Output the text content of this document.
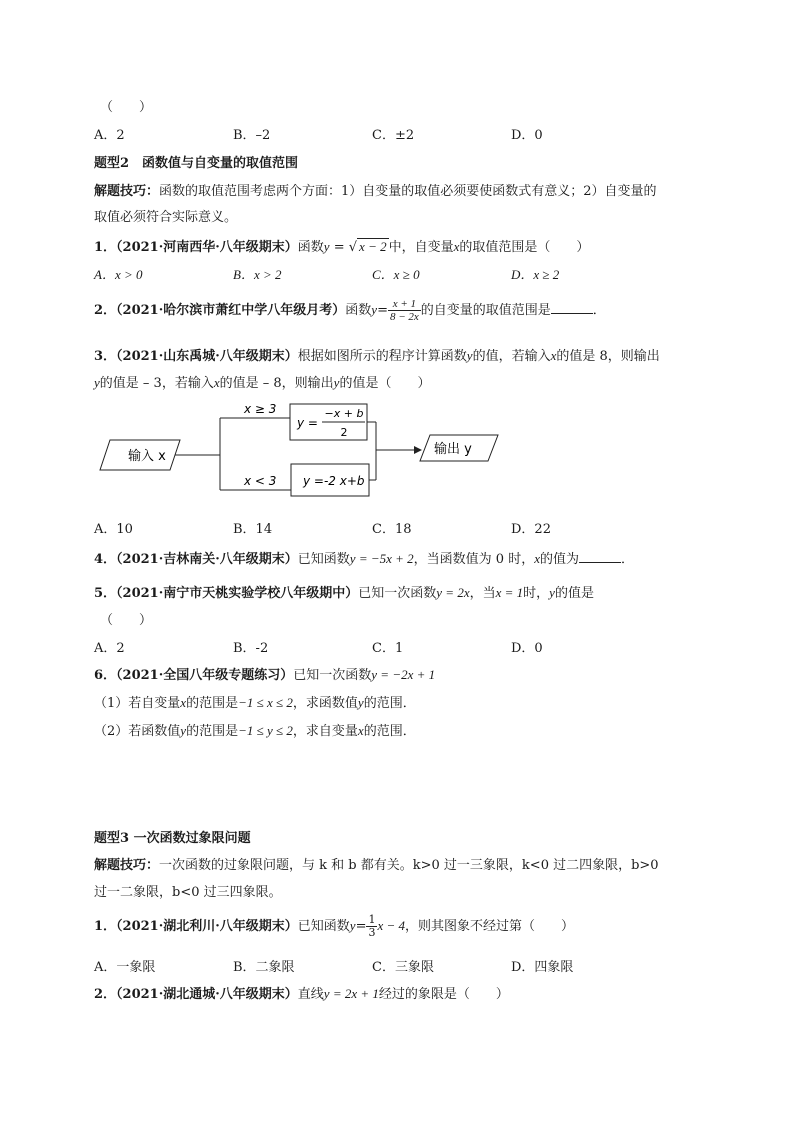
（　　）
A．2	B．–2	C．±2	D．0
题型2　函数值与自变量的取值范围
解题技巧：函数的取值范围考虑两个方面：1）自变量的取值必须要使函数式有意义；2）自变量的
取值必须符合实际意义。
1．（2021·河南西华·八年级期末）函数y = √ x − 2 中，自变量x的取值范围是（　　）
A．x > 0	B．x > 2	C．x ≥ 0	D．x ≥ 2
2．（2021·哈尔滨市萧红中学八年级月考）函数$y= \frac{x + 1}{8 - 2x}$ 的自变量的取值范围是	．
3．（2021·山东禹城·八年级期末）根据如图所示的程序计算函数y的值，若输入x的值是 8，则输出
y的值是 – 3，若输入x的值是 – 8，则输出y的值是（　　）
输入 x
x ≥ 3
x < 3
y =
−x + b
2
y =-2 x+b
输出 y
A．10	B．14	C．18	D．22
4．（2021·吉林南关·八年级期末）已知函数y = −5x + 2，当函数值为 0 时，x的值为	．
5．（2021·南宁市天桃实验学校八年级期中）已知一次函数y = 2x，当x = 1时，y的值是
（　　）
A．2	B．-2	C．1	D．0
6．（2021·全国八年级专题练习）已知一次函数y = −2x + 1
（1）若自变量x的范围是−1 ≤ x ≤ 2，求函数值y的范围．
（2）若函数值y的范围是−1 ≤ y ≤ 2，求自变量x的范围．
题型3 一次函数过象限问题
解题技巧：一次函数的过象限问题，与 k 和 b 都有关。k>0 过一三象限，k<0 过二四象限，b>0
过一二象限，b<0 过三四象限。
1．（2021·湖北利川·八年级期末）已知函数$y= \frac{1}{3}$ x − 4，则其图象不经过第（　　）
A．一象限	B．二象限	C．三象限	D．四象限
2．（2021·湖北通城·八年级期末）直线y = 2x + 1经过的象限是（　　）
